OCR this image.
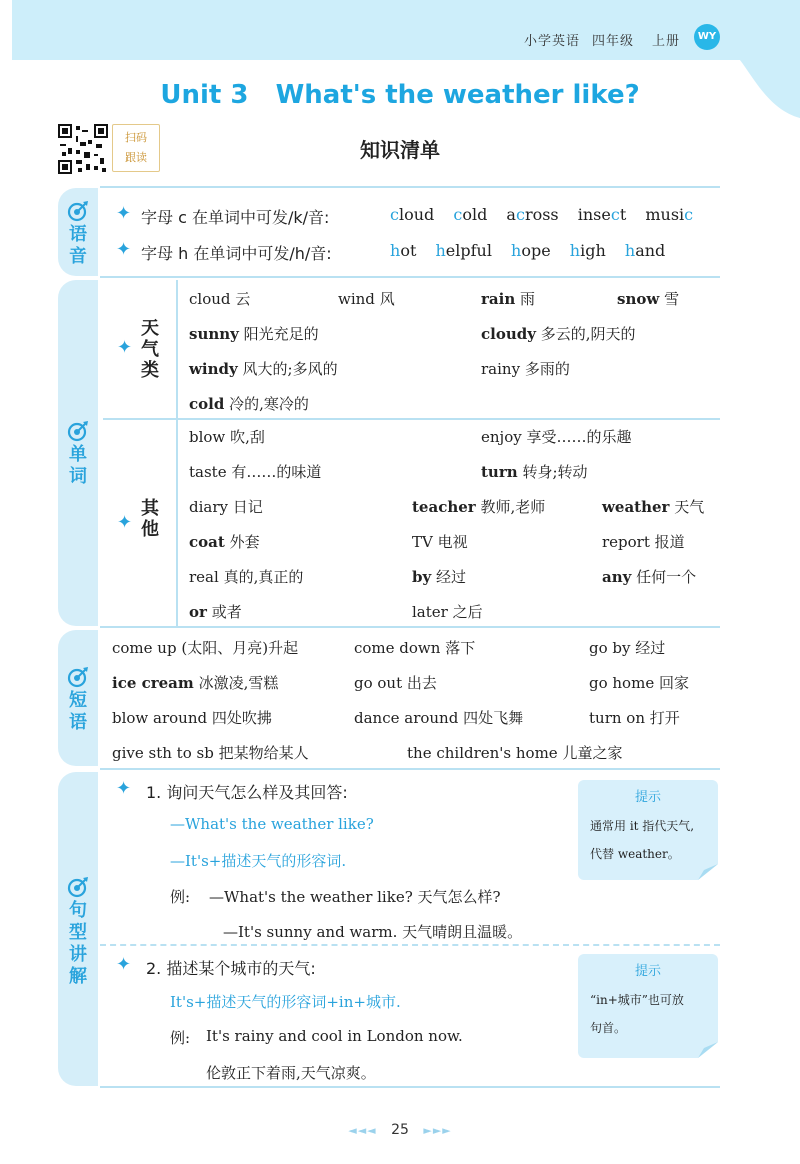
小学英语 四年级 上册	WY
Unit 3   What's the weather like?
扫码
跟读	知识清单
语音
✦ 字母 c 在单词中可发/k/音:	cloud cold across insect music
✦ 字母 h 在单词中可发/h/音:	hot helpful hope high hand
单词
✦
天气类
✦
其他
cloud 云	wind 风	rain 雨	snow 雪
sunny 阳光充足的	cloudy 多云的,阴天的
windy 风大的;多风的	rainy 多雨的
cold 冷的,寒冷的
blow 吹,刮	enjoy 享受……的乐趣
taste 有……的味道	turn 转身;转动
diary 日记	teacher 教师,老师	weather 天气
coat 外套	TV 电视	report 报道
real 真的,真正的	by 经过	any 任何一个
or 或者	later 之后
短语
come up (太阳、月亮)升起	come down 落下	go by 经过
ice cream 冰激凌,雪糕	go out 出去	go home 回家
blow around 四处吹拂	dance around 四处飞舞	turn on 打开
give sth to sb 把某物给某人	the children's home 儿童之家
句型讲解
✦ 1. 询问天气怎么样及其回答:
—What's the weather like?
—It's+描述天气的形容词.
例: —What's the weather like? 天气怎么样?
—It's sunny and warm. 天气晴朗且温暖。
提示
通常用 it 指代天气,
代替 weather。
✦ 2. 描述某个城市的天气:
It's+描述天气的形容词+in+城市.
例: It's rainy and cool in London now.
伦敦正下着雨,天气凉爽。
提示
“in+城市”也可放
句首。
◄◄◄ 25 ►►►
